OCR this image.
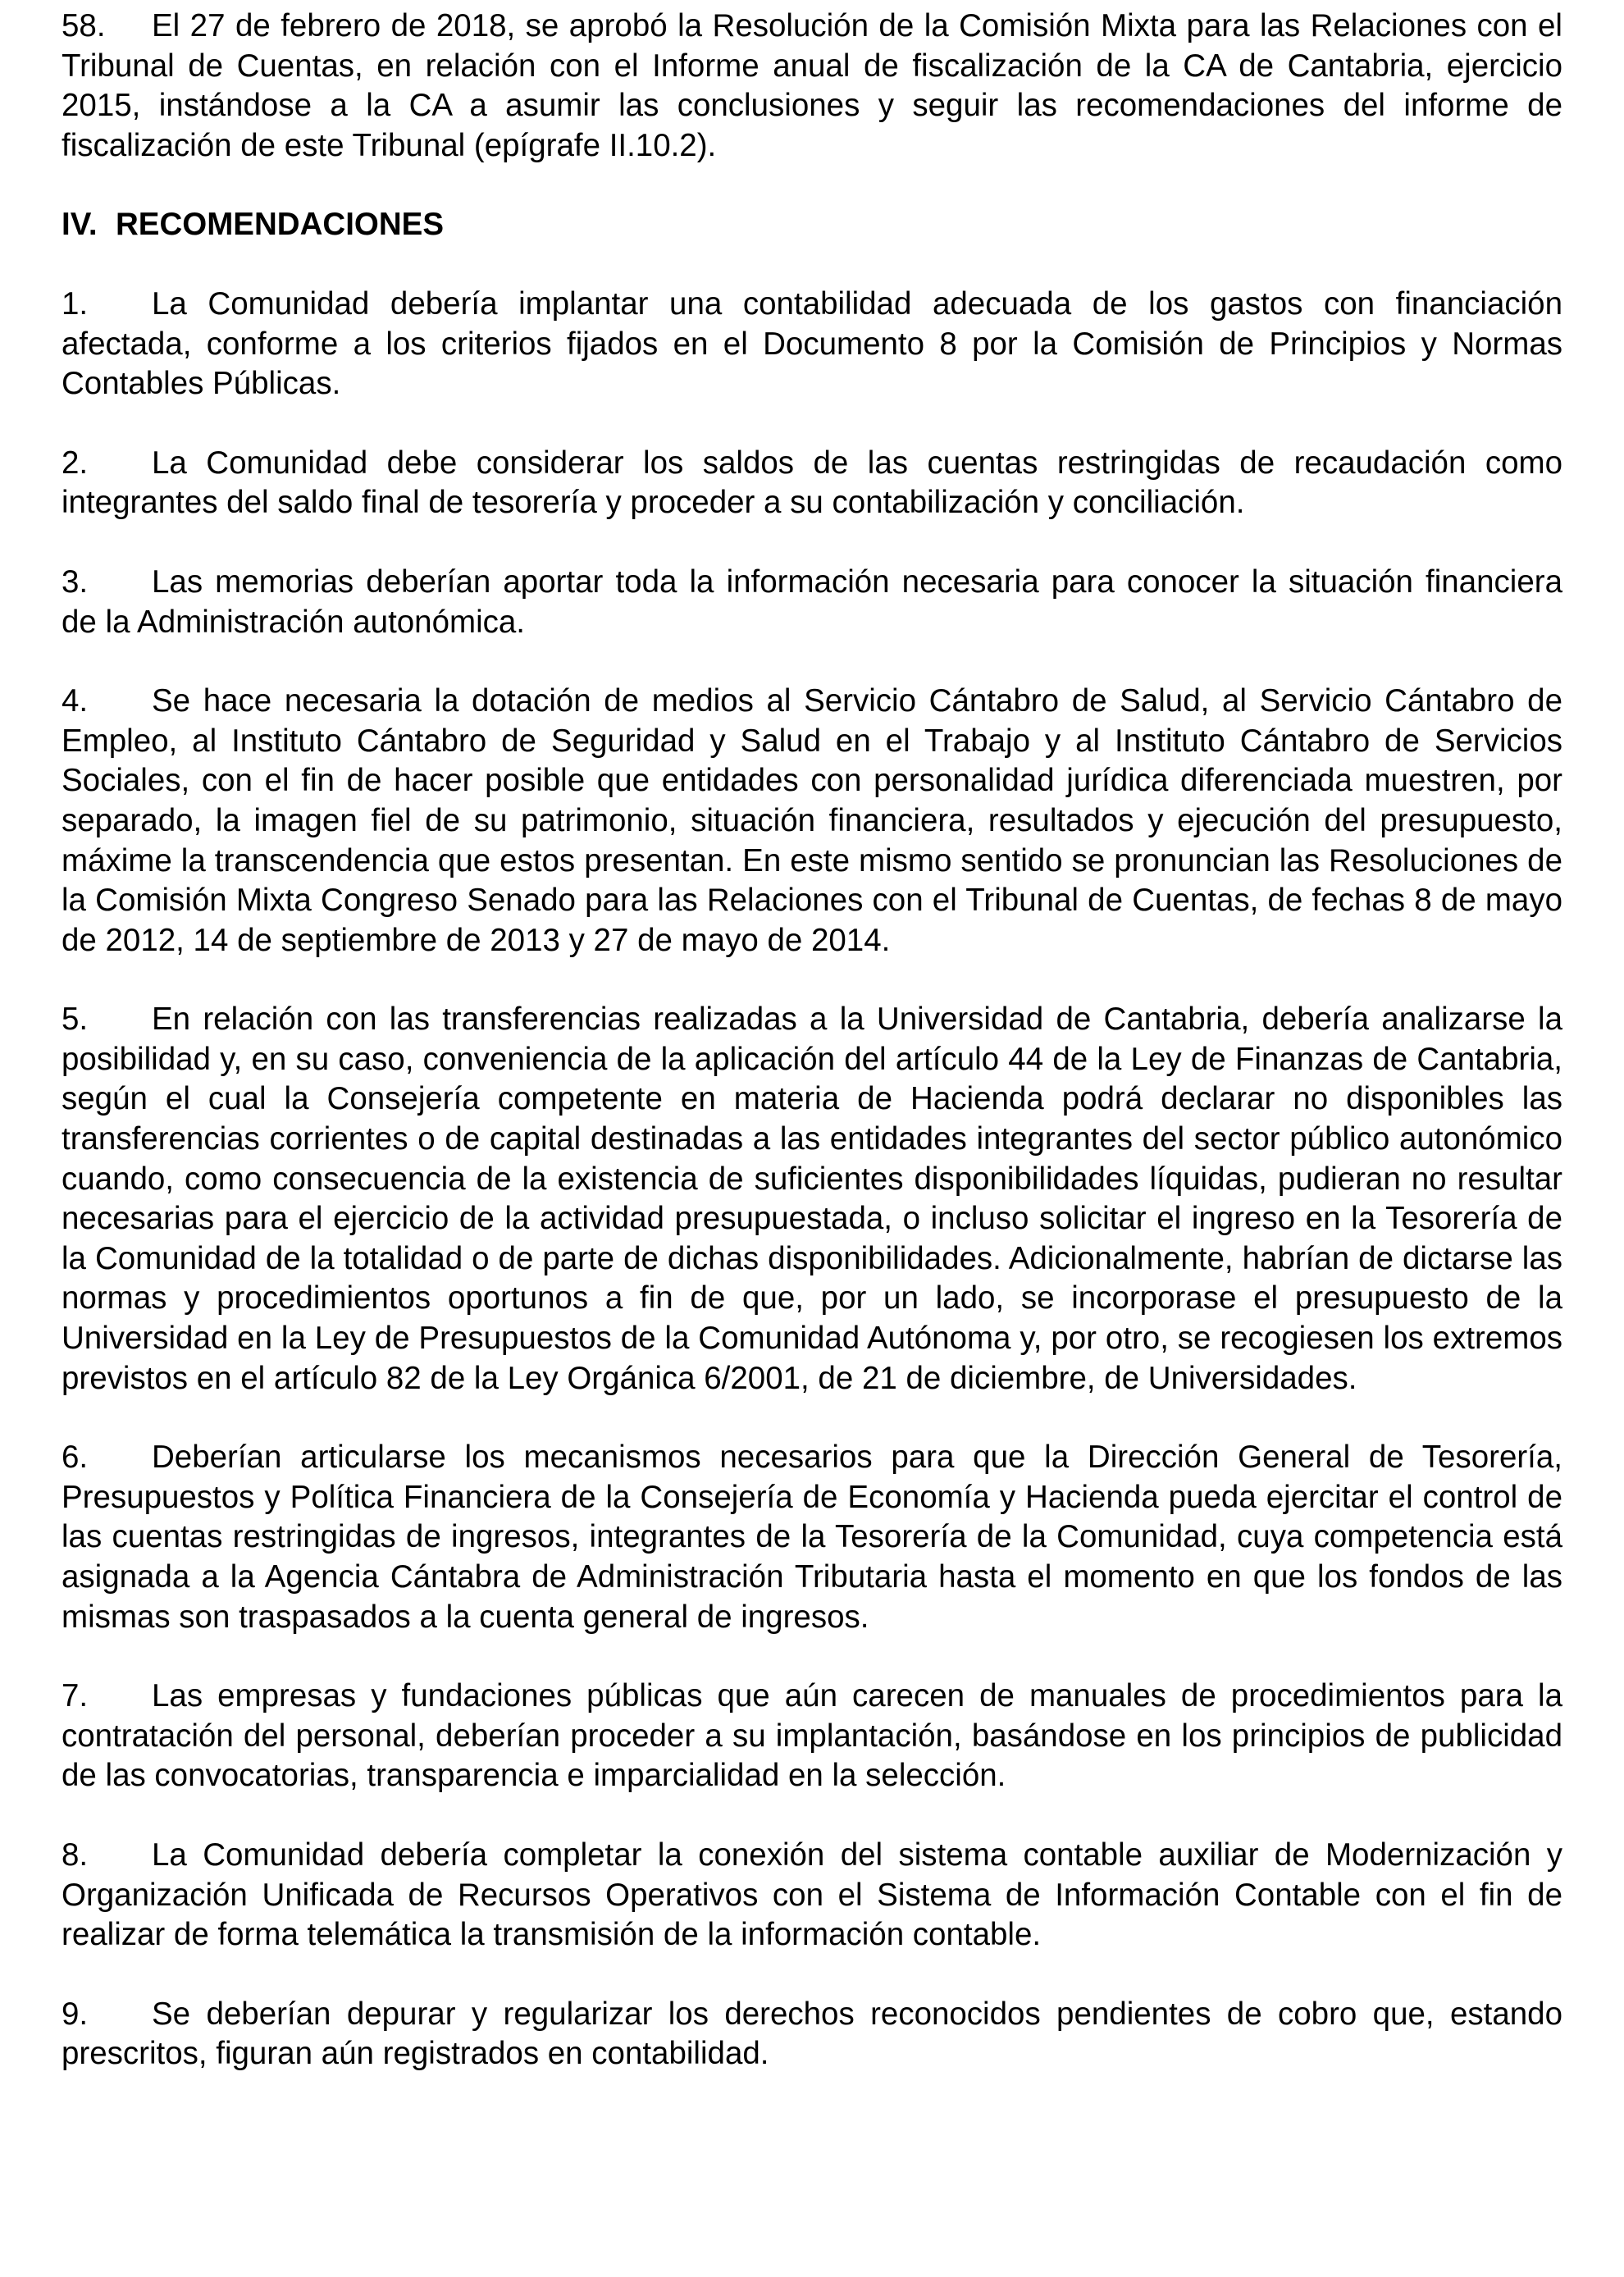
58. El 27 de febrero de 2018, se aprobó la Resolución de la Comisión Mixta para las Relaciones con el Tribunal de Cuentas, en relación con el Informe anual de fiscalización de la CA de Cantabria, ejercicio 2015, instándose a la CA a asumir las conclusiones y seguir las recomendaciones del informe de fiscalización de este Tribunal (epígrafe II.10.2).

IV. RECOMENDACIONES

1. La Comunidad debería implantar una contabilidad adecuada de los gastos con financiación afectada, conforme a los criterios fijados en el Documento 8 por la Comisión de Principios y Normas Contables Públicas.

2. La Comunidad debe considerar los saldos de las cuentas restringidas de recaudación como integrantes del saldo final de tesorería y proceder a su contabilización y conciliación.

3. Las memorias deberían aportar toda la información necesaria para conocer la situación financiera de la Administración autonómica.

4. Se hace necesaria la dotación de medios al Servicio Cántabro de Salud, al Servicio Cántabro de Empleo, al Instituto Cántabro de Seguridad y Salud en el Trabajo y al Instituto Cántabro de Servicios Sociales, con el fin de hacer posible que entidades con personalidad jurídica diferenciada muestren, por separado, la imagen fiel de su patrimonio, situación financiera, resultados y ejecución del presupuesto, máxime la transcendencia que estos presentan. En este mismo sentido se pronuncian las Resoluciones de la Comisión Mixta Congreso Senado para las Relaciones con el Tribunal de Cuentas, de fechas 8 de mayo de 2012, 14 de septiembre de 2013 y 27 de mayo de 2014.

5. En relación con las transferencias realizadas a la Universidad de Cantabria, debería analizarse la posibilidad y, en su caso, conveniencia de la aplicación del artículo 44 de la Ley de Finanzas de Cantabria, según el cual la Consejería competente en materia de Hacienda podrá declarar no disponibles las transferencias corrientes o de capital destinadas a las entidades integrantes del sector público autonómico cuando, como consecuencia de la existencia de suficientes disponibilidades líquidas, pudieran no resultar necesarias para el ejercicio de la actividad presupuestada, o incluso solicitar el ingreso en la Tesorería de la Comunidad de la totalidad o de parte de dichas disponibilidades. Adicionalmente, habrían de dictarse las normas y procedimientos oportunos a fin de que, por un lado, se incorporase el presupuesto de la Universidad en la Ley de Presupuestos de la Comunidad Autónoma y, por otro, se recogiesen los extremos previstos en el artículo 82 de la Ley Orgánica 6/2001, de 21 de diciembre, de Universidades.

6. Deberían articularse los mecanismos necesarios para que la Dirección General de Tesorería, Presupuestos y Política Financiera de la Consejería de Economía y Hacienda pueda ejercitar el control de las cuentas restringidas de ingresos, integrantes de la Tesorería de la Comunidad, cuya competencia está asignada a la Agencia Cántabra de Administración Tributaria hasta el momento en que los fondos de las mismas son traspasados a la cuenta general de ingresos.

7. Las empresas y fundaciones públicas que aún carecen de manuales de procedimientos para la contratación del personal, deberían proceder a su implantación, basándose en los principios de publicidad de las convocatorias, transparencia e imparcialidad en la selección.

8. La Comunidad debería completar la conexión del sistema contable auxiliar de Modernización y Organización Unificada de Recursos Operativos con el Sistema de Información Contable con el fin de realizar de forma telemática la transmisión de la información contable.

9. Se deberían depurar y regularizar los derechos reconocidos pendientes de cobro que, estando prescritos, figuran aún registrados en contabilidad.
